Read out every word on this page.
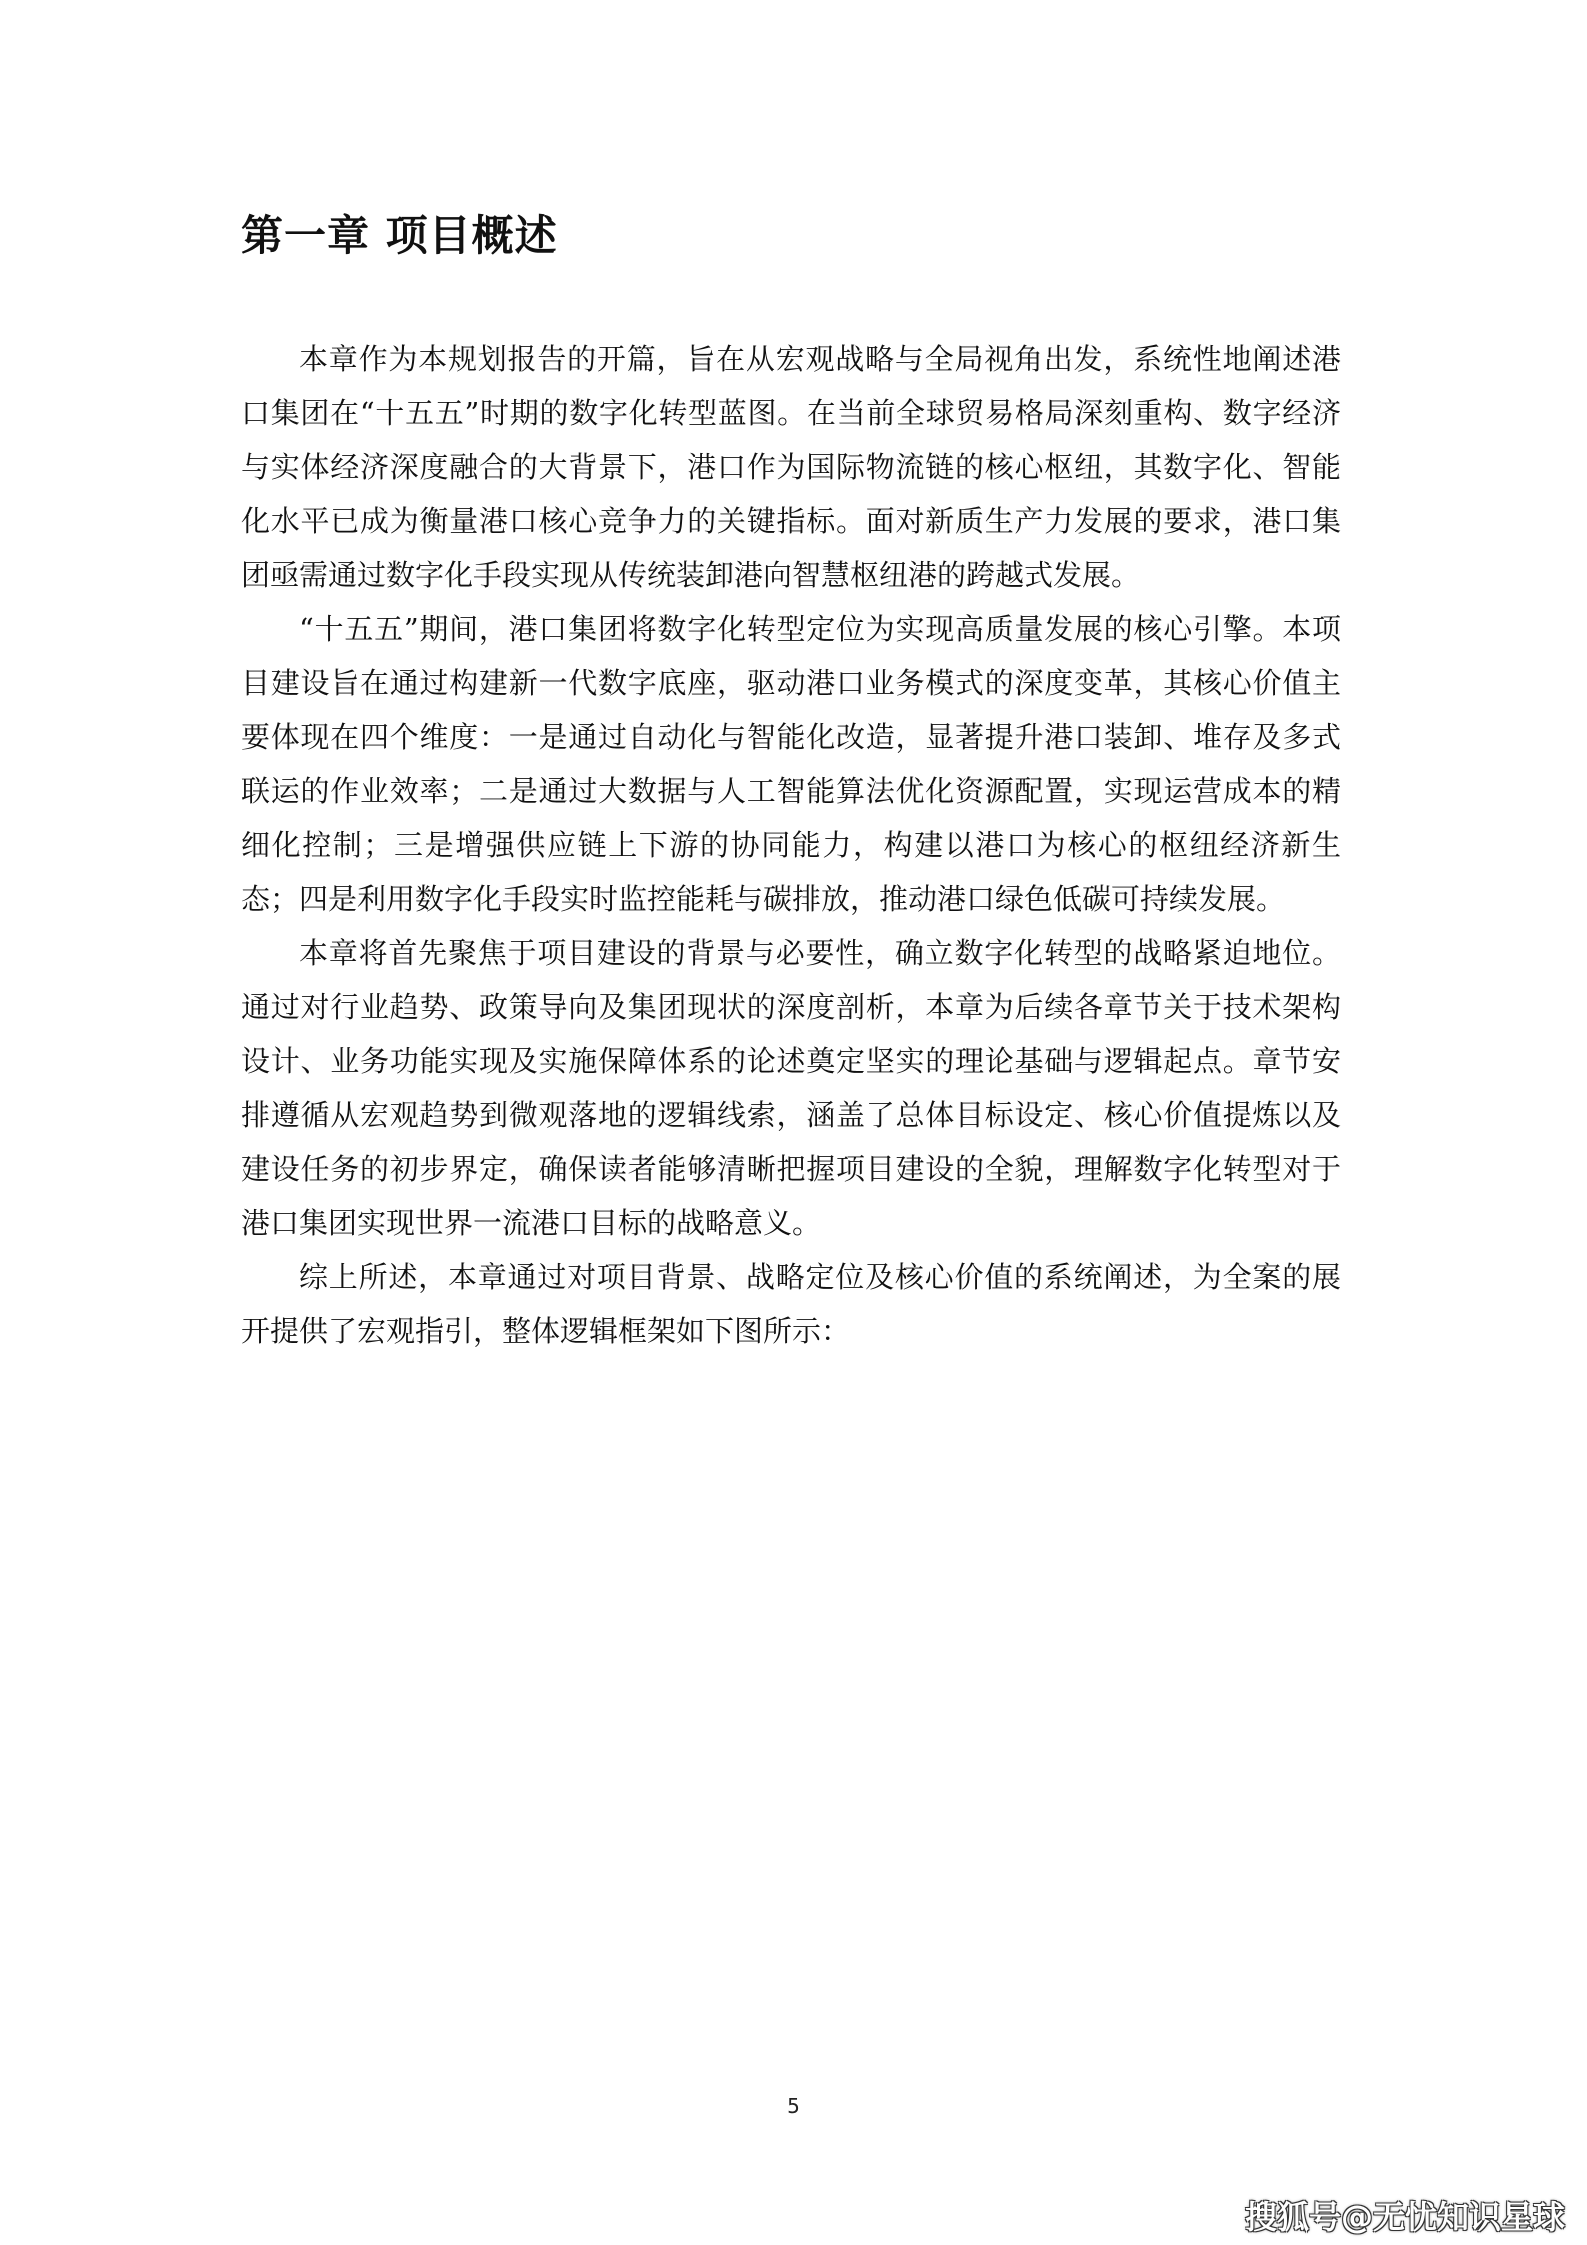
第一章 项目概述

本章作为本规划报告的开篇，旨在从宏观战略与全局视角出发，系统性地阐述港口集团在“十五五”时期的数字化转型蓝图。在当前全球贸易格局深刻重构、数字经济与实体经济深度融合的大背景下，港口作为国际物流链的核心枢纽，其数字化、智能化水平已成为衡量港口核心竞争力的关键指标。面对新质生产力发展的要求，港口集团亟需通过数字化手段实现从传统装卸港向智慧枢纽港的跨越式发展。

“十五五”期间，港口集团将数字化转型定位为实现高质量发展的核心引擎。本项目建设旨在通过构建新一代数字底座，驱动港口业务模式的深度变革，其核心价值主要体现在四个维度：一是通过自动化与智能化改造，显著提升港口装卸、堆存及多式联运的作业效率；二是通过大数据与人工智能算法优化资源配置，实现运营成本的精细化控制；三是增强供应链上下游的协同能力，构建以港口为核心的枢纽经济新生态；四是利用数字化手段实时监控能耗与碳排放，推动港口绿色低碳可持续发展。

本章将首先聚焦于项目建设的背景与必要性，确立数字化转型的战略紧迫地位。通过对行业趋势、政策导向及集团现状的深度剖析，本章为后续各章节关于技术架构设计、业务功能实现及实施保障体系的论述奠定坚实的理论基础与逻辑起点。章节安排遵循从宏观趋势到微观落地的逻辑线索，涵盖了总体目标设定、核心价值提炼以及建设任务的初步界定，确保读者能够清晰把握项目建设的全貌，理解数字化转型对于港口集团实现世界一流港口目标的战略意义。

综上所述，本章通过对项目背景、战略定位及核心价值的系统阐述，为全案的展开提供了宏观指引，整体逻辑框架如下图所示：

5
搜狐号@无忧知识星球
